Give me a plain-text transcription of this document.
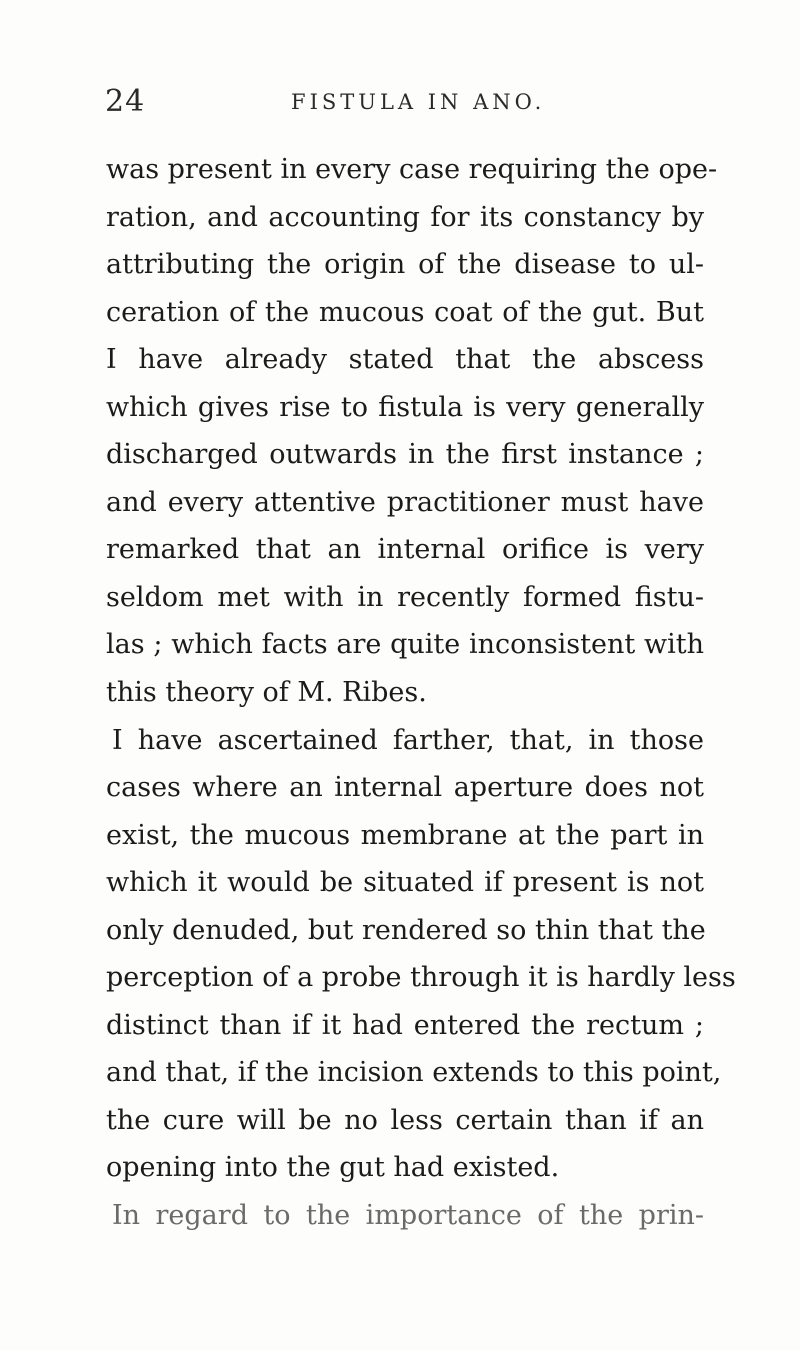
24	FISTULA IN ANO.
was present in every case requiring the ope-
ration, and accounting for its constancy by
attributing the origin of the disease to ul-
ceration of the mucous coat of the gut. But
I have already stated that the abscess
which gives rise to fistula is very generally
discharged outwards in the first instance ;
and every attentive practitioner must have
remarked that an internal orifice is very
seldom met with in recently formed fistu-
las ; which facts are quite inconsistent with
this theory of M. Ribes.
I have ascertained farther, that, in those
cases where an internal aperture does not
exist, the mucous membrane at the part in
which it would be situated if present is not
only denuded, but rendered so thin that the
perception of a probe through it is hardly less
distinct than if it had entered the rectum ;
and that, if the incision extends to this point,
the cure will be no less certain than if an
opening into the gut had existed.
In regard to the importance of the prin-
